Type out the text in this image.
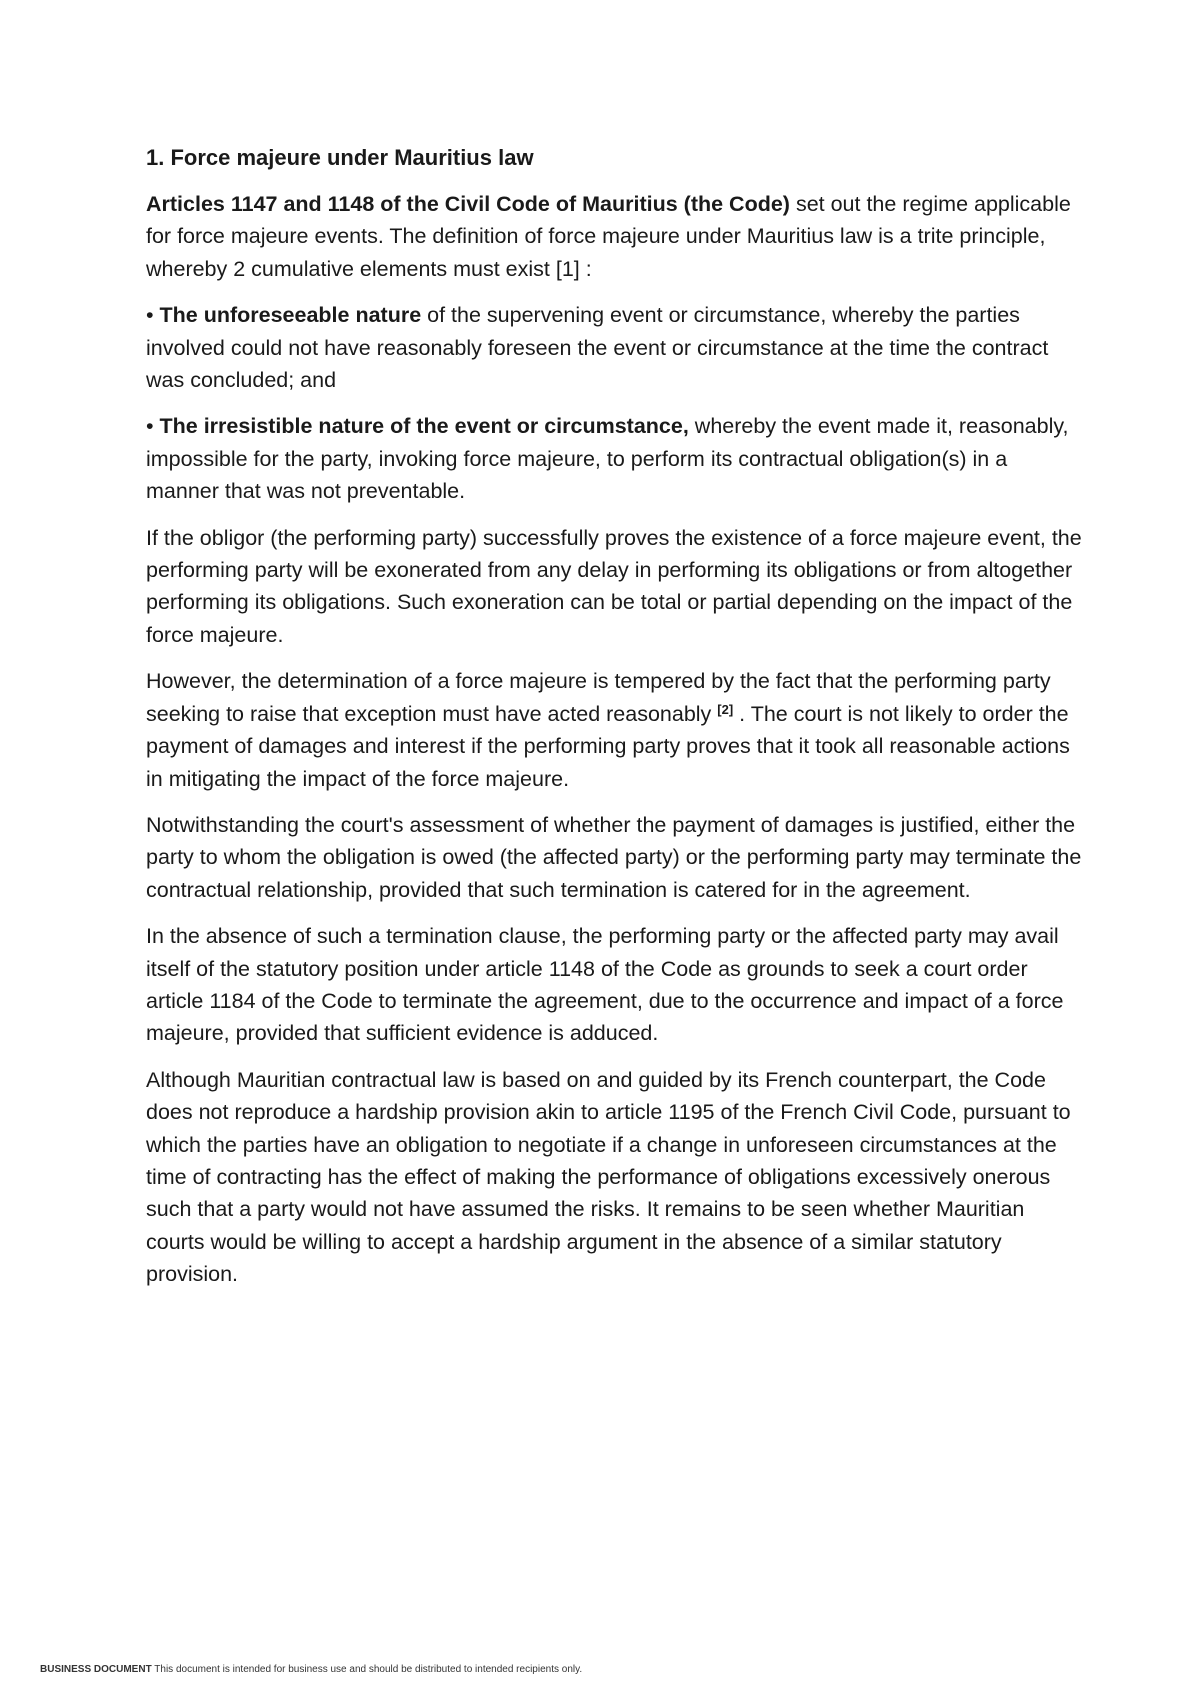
1. Force majeure under Mauritius law

Articles 1147 and 1148 of the Civil Code of Mauritius (the Code) set out the regime applicable for force majeure events. The definition of force majeure under Mauritius law is a trite principle, whereby 2 cumulative elements must exist [1] :

• The unforeseeable nature of the supervening event or circumstance, whereby the parties involved could not have reasonably foreseen the event or circumstance at the time the contract was concluded; and

• The irresistible nature of the event or circumstance, whereby the event made it, reasonably, impossible for the party, invoking force majeure, to perform its contractual obligation(s) in a manner that was not preventable.

If the obligor (the performing party) successfully proves the existence of a force majeure event, the performing party will be exonerated from any delay in performing its obligations or from altogether performing its obligations. Such exoneration can be total or partial depending on the impact of the force majeure.

However, the determination of a force majeure is tempered by the fact that the performing party seeking to raise that exception must have acted reasonably [2] . The court is not likely to order the payment of damages and interest if the performing party proves that it took all reasonable actions in mitigating the impact of the force majeure.

Notwithstanding the court's assessment of whether the payment of damages is justified, either the party to whom the obligation is owed (the affected party) or the performing party may terminate the contractual relationship, provided that such termination is catered for in the agreement.

In the absence of such a termination clause, the performing party or the affected party may avail itself of the statutory position under article 1148 of the Code as grounds to seek a court order article 1184 of the Code to terminate the agreement, due to the occurrence and impact of a force majeure, provided that sufficient evidence is adduced.

Although Mauritian contractual law is based on and guided by its French counterpart, the Code does not reproduce a hardship provision akin to article 1195 of the French Civil Code, pursuant to which the parties have an obligation to negotiate if a change in unforeseen circumstances at the time of contracting has the effect of making the performance of obligations excessively onerous such that a party would not have assumed the risks. It remains to be seen whether Mauritian courts would be willing to accept a hardship argument in the absence of a similar statutory provision.

BUSINESS DOCUMENT This document is intended for business use and should be distributed to intended recipients only.
